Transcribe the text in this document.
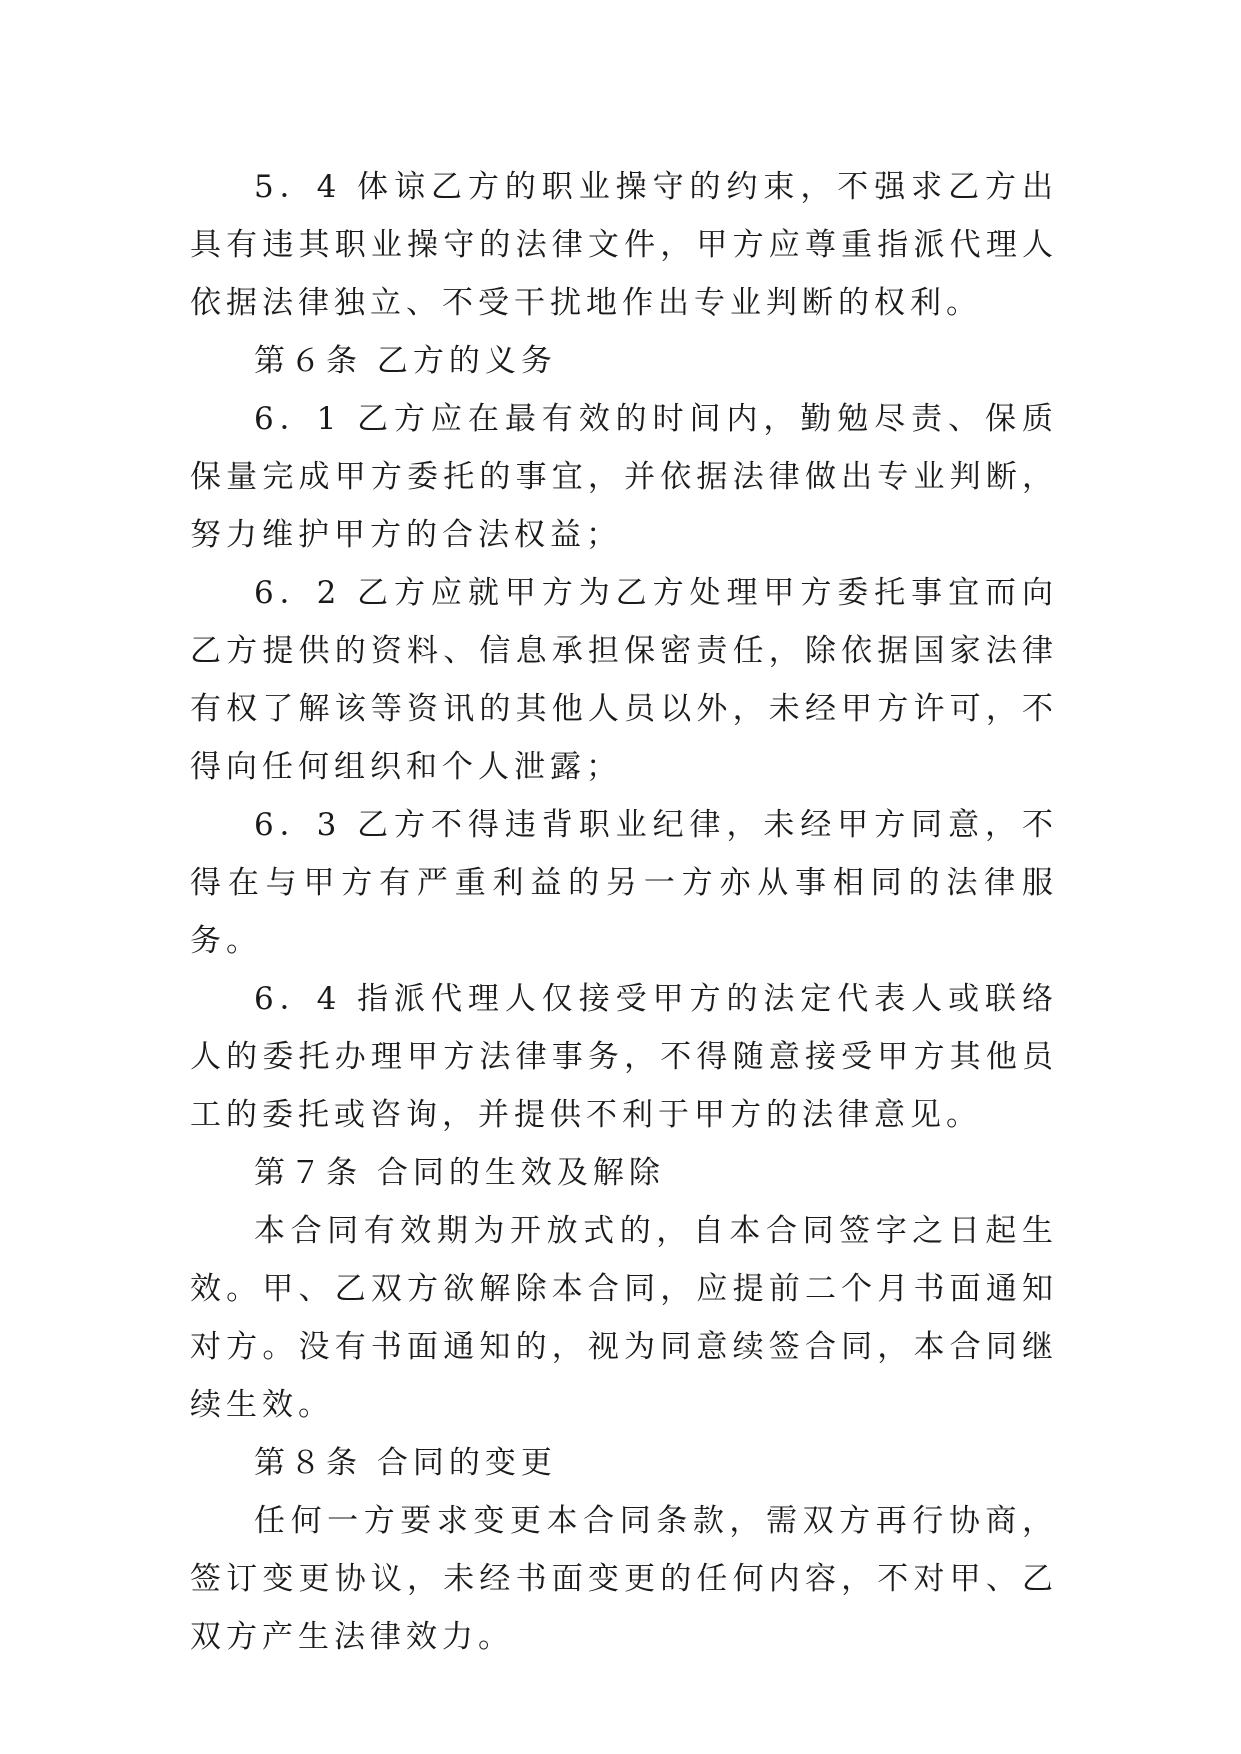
5．4 体谅乙方的职业操守的约束，不强求乙方出具有违其职业操守的法律文件，甲方应尊重指派代理人依据法律独立、不受干扰地作出专业判断的权利。

第６条 乙方的义务

6．1 乙方应在最有效的时间内，勤勉尽责、保质保量完成甲方委托的事宜，并依据法律做出专业判断，努力维护甲方的合法权益；

6．2 乙方应就甲方为乙方处理甲方委托事宜而向乙方提供的资料、信息承担保密责任，除依据国家法律有权了解该等资讯的其他人员以外，未经甲方许可，不得向任何组织和个人泄露；

6．3 乙方不得违背职业纪律，未经甲方同意，不得在与甲方有严重利益的另一方亦从事相同的法律服务。

6．4 指派代理人仅接受甲方的法定代表人或联络人的委托办理甲方法律事务，不得随意接受甲方其他员工的委托或咨询，并提供不利于甲方的法律意见。

第７条 合同的生效及解除

本合同有效期为开放式的，自本合同签字之日起生效。甲、乙双方欲解除本合同，应提前二个月书面通知对方。没有书面通知的，视为同意续签合同，本合同继续生效。

第８条 合同的变更

任何一方要求变更本合同条款，需双方再行协商，签订变更协议，未经书面变更的任何内容，不对甲、乙双方产生法律效力。
